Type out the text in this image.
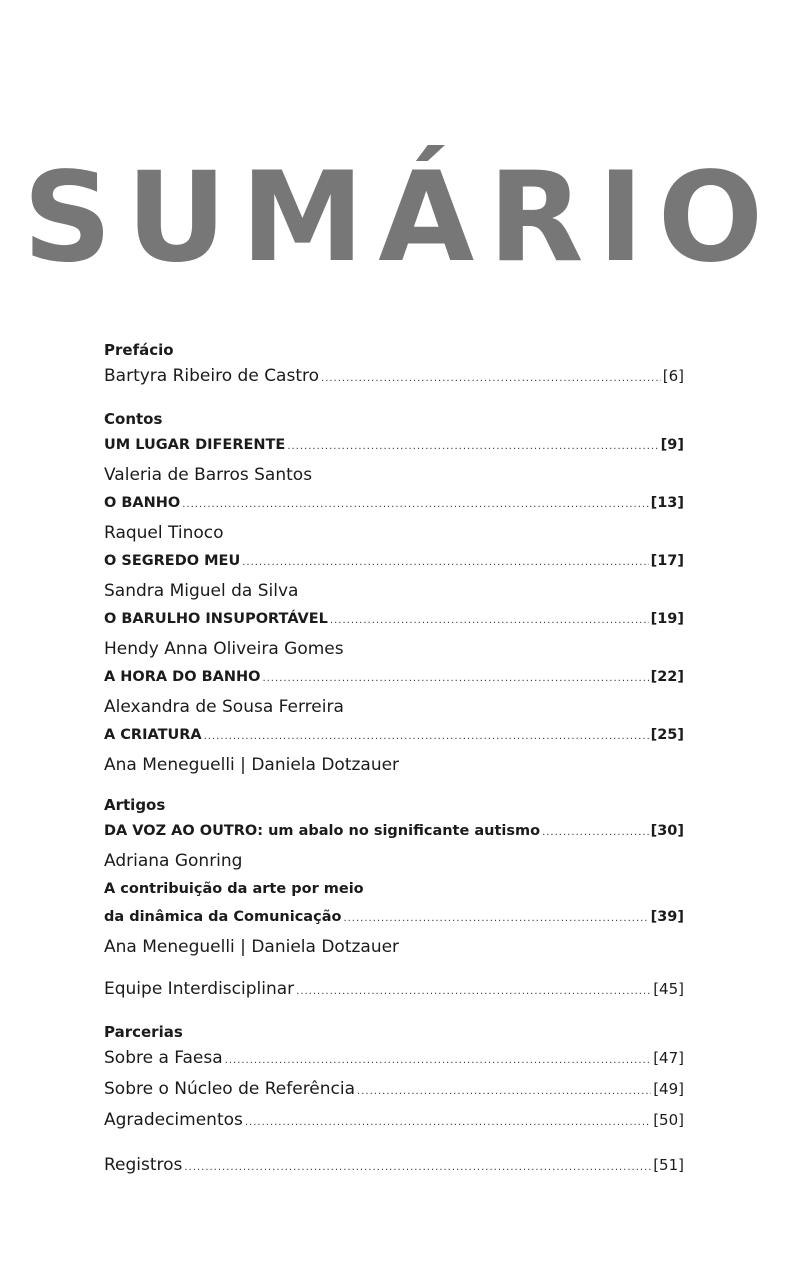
SUMÁRIO
Prefácio
Bartyra Ribeiro de Castro .....	[6]
Contos
UM LUGAR DIFERENTE .....	[9]
Valeria de Barros Santos
O BANHO .....	[13]
Raquel Tinoco
O SEGREDO MEU .....	[17]
Sandra Miguel da Silva
O BARULHO INSUPORTÁVEL .....	[19]
Hendy Anna Oliveira Gomes
A HORA DO BANHO .....	[22]
Alexandra de Sousa Ferreira
A CRIATURA .....	[25]
Ana Meneguelli | Daniela Dotzauer
Artigos
DA VOZ AO OUTRO: um abalo no significante autismo .....	[30]
Adriana Gonring
A contribuição da arte por meio
da dinâmica da Comunicação .....	[39]
Ana Meneguelli | Daniela Dotzauer
Equipe Interdisciplinar .....	[45]
Parcerias
Sobre a Faesa .....	[47]
Sobre o Núcleo de Referência .....	[49]
Agradecimentos .....	[50]
Registros .....	[51]
